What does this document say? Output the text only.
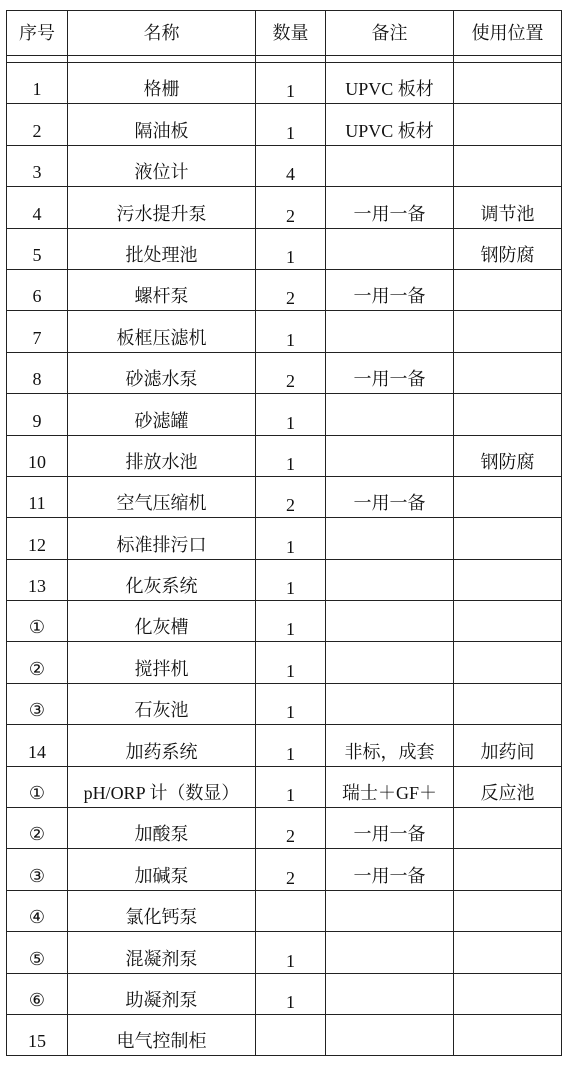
序号	名称	数量	备注	使用位置

1	格栅	1	UPVC 板材	
2	隔油板	1	UPVC 板材	
3	液位计	4		
4	污水提升泵	2	一用一备	调节池
5	批处理池	1		钢防腐
6	螺杆泵	2	一用一备	
7	板框压滤机	1		
8	砂滤水泵	2	一用一备	
9	砂滤罐	1		
10	排放水池	1		钢防腐
11	空气压缩机	2	一用一备	
12	标准排污口	1		
13	化灰系统	1		
①	化灰槽	1		
②	搅拌机	1		
③	石灰池	1		
14	加药系统	1	非标，成套	加药间
①	pH/ORP 计（数显）	1	瑞士＋GF＋	反应池
②	加酸泵	2	一用一备	
③	加碱泵	2	一用一备	
④	氯化钙泵			
⑤	混凝剂泵	1		
⑥	助凝剂泵	1		
15	电气控制柜			
